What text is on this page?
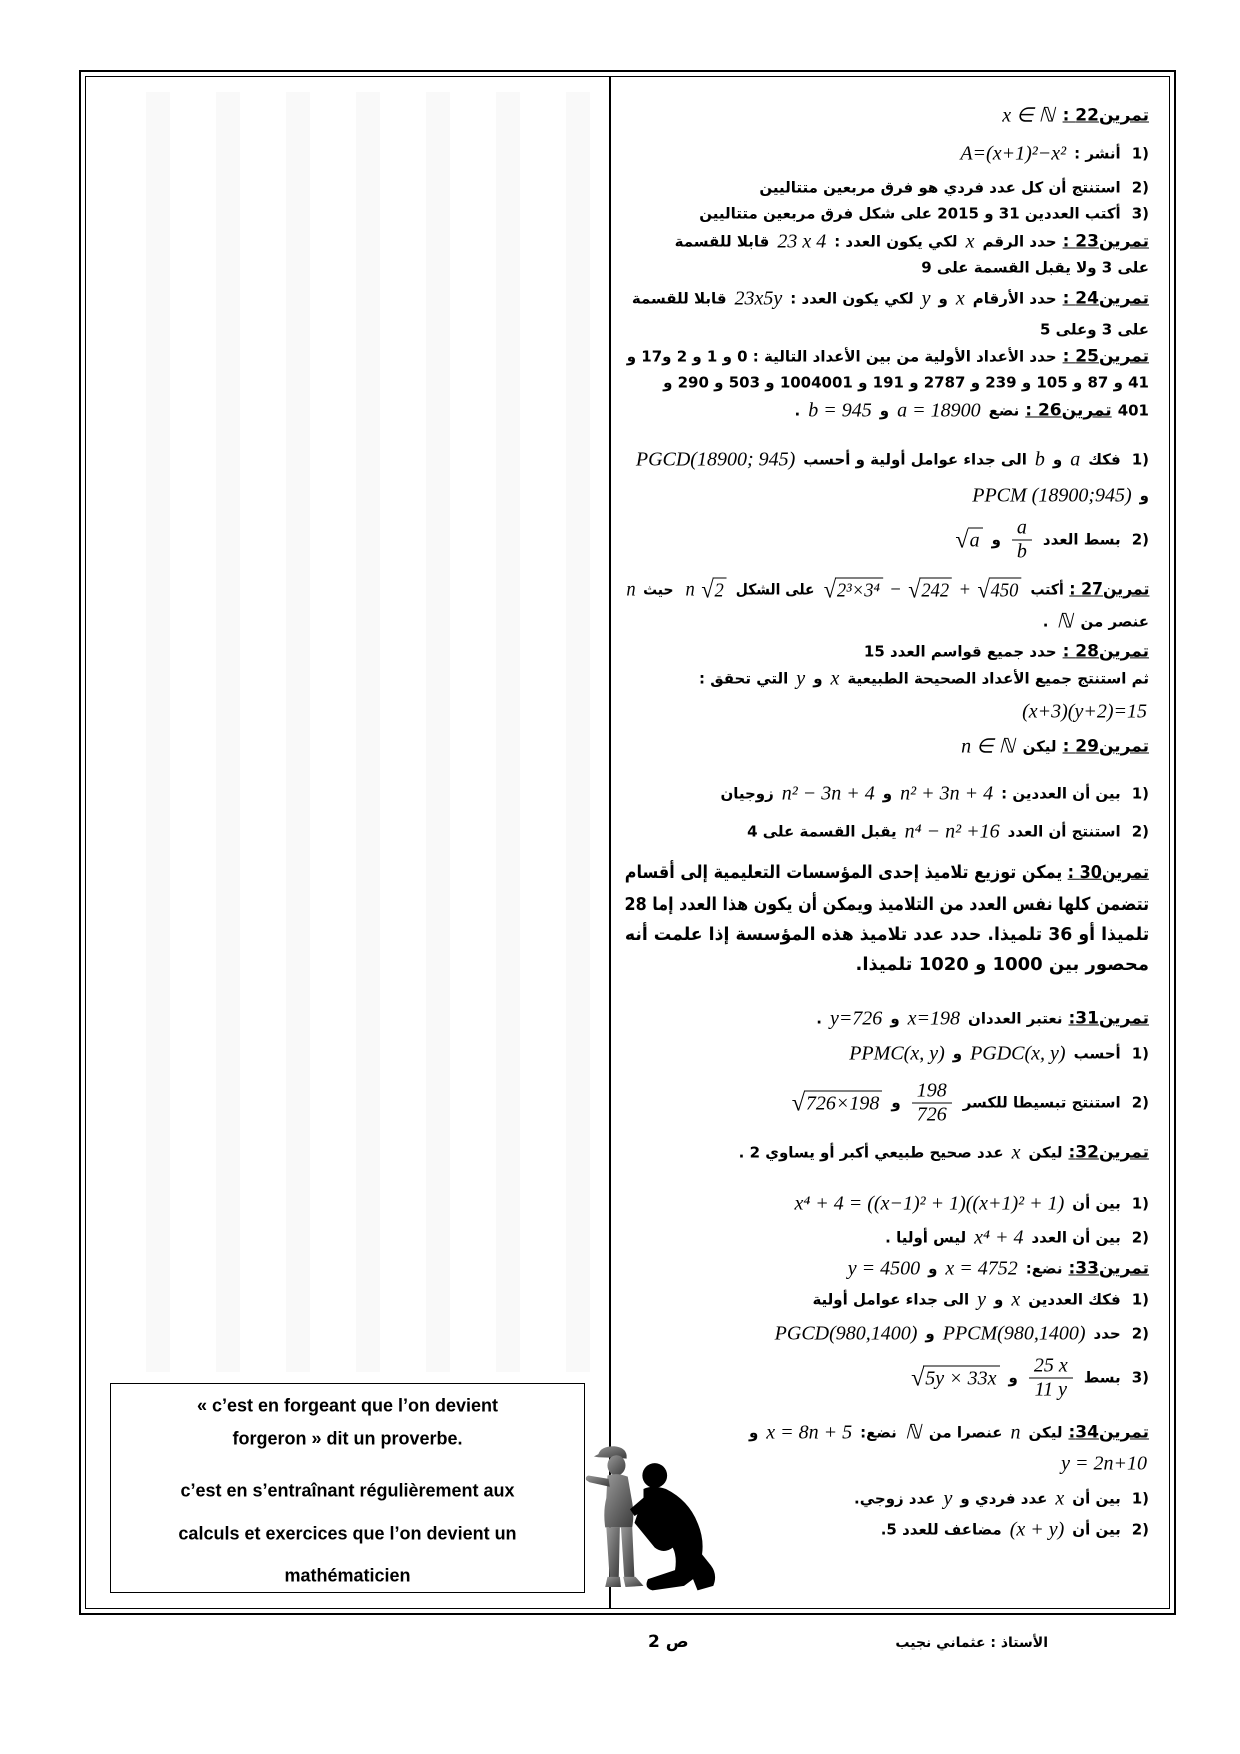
تمرين22 :x ∈ ℕ
1)أنشر :A=(x+1)²−x²
2)استنتج أن كل عدد فردي هو فرق مربعين متتاليين
3)أكتب العددين 31 و 2015 على شكل فرق مربعين متتاليين
تمرين23 :حدد الرقمxلكي يكون العدد :23 x 4قابلا للقسمة
على 3 ولا يقبل القسمة على 9
تمرين24 :حدد الأرقامxوyلكي يكون العدد :23x5yقابلا للقسمة
على 3 وعلى 5
تمرين25 :حدد الأعداد الأولية من بين الأعداد التالية : 0 و 1 و 2 و17 و
41 و 87 و 105 و 239 و 2787 و 191 و 1004001 و 503 و 290 و
401تمرين26 :نضعa = 18900وb = 945.
1)فككaوbالى جداء عوامل أولية و أحسبPGCD(18900; 945)
وPPCM (18900;945)
2)بسط العدد
$\frac{a}{b}$
و
√ a
تمرين27 :أكتب
√ 2³×3⁴ − √ 242 + √ 450
على الشكلn √ 2
حيثn
عنصر منℕ.
تمرين28 :حدد جميع قواسم العدد 15
ثم استنتج جميع الأعداد الصحيحة الطبيعيةxوyالتي تحقق :
(x+3)(y+2)=15
تمرين29 :ليكنn ∈ ℕ
1)بين أن العددين :n² + 3n + 4وn² − 3n + 4زوجيان
2)استنتج أن العددn⁴ − n² +16يقبل القسمة على 4
تمرين30 :يمكن توزيع تلاميذ إحدى المؤسسات التعليمية إلى أقسام
تتضمن كلها نفس العدد من التلاميذ ويمكن أن يكون هذا العدد إما 28
تلميذا أو 36 تلميذا. حدد عدد تلاميذ هذه المؤسسة إذا علمت أنه
محصور بين 1000 و 1020 تلميذا.
تمرين31:نعتبر العددانx=198وy=726.
1)أحسبPGDC(x, y)وPPMC(x, y)
2)استنتج تبسيطا للكسر
$\frac{198}{726}$
و
√ 726×198
تمرين32:ليكنxعدد صحيح طبيعي أكبر أو يساوي 2 .
1)بين أنx⁴ + 4 = ((x−1)² + 1)((x+1)² + 1)
2)بين أن العددx⁴ + 4ليس أوليا .
تمرين33:نضع:x = 4752وy = 4500
1)فكك العددينxوyالى جداء عوامل أولية
2)حددPPCM(980,1400)وPGCD(980,1400)
3)بسط
$\frac{25 x}{11 y}$
و
√ 5y × 33x
تمرين34:ليكنnعنصرا منℕنضع:x = 8n + 5و
y = 2n+10
1)بين أنxعدد فردي وyعدد زوجي.
2)بين أن(x + y)مضاعف للعدد 5.
« c’est en forgeant que l’on devient
forgeron » dit un proverbe.
c’est en s’entraînant régulièrement aux
calculs et exercices que l’on devient un
mathématicien
ص 2	الأستاذ : عثماني نجيب
